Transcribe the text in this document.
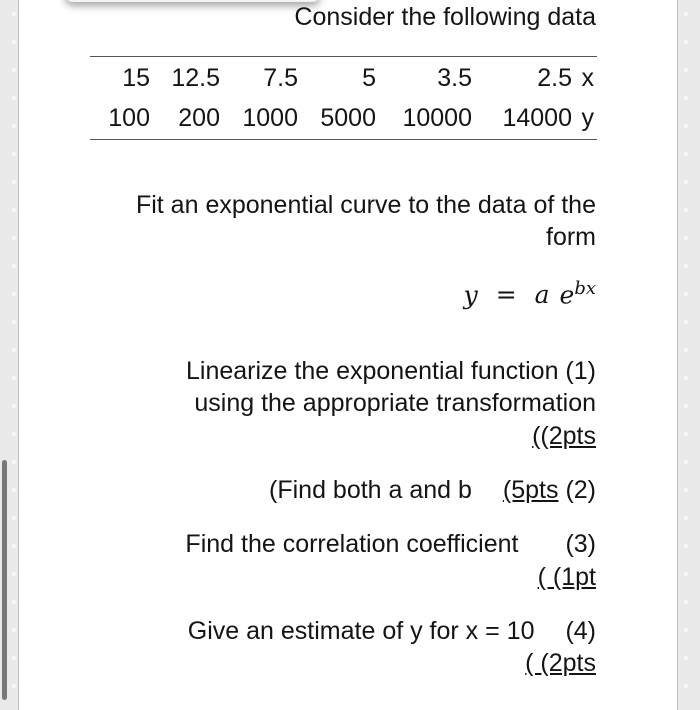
Consider the following data
15 12.5 7.5	5 3.5	2.5 x
100 200 1000 5000 10000 14000 y
Fit an exponential curve to the data of the
form
y = a $e^{bx}$
Linearize the exponential function (1)
using the appropriate transformation
((2pts
(Find both a and b (5pts (2)
Find the correlation coefficient (3)
( (1pt
Give an estimate of y for x = 10 (4)
( (2pts
